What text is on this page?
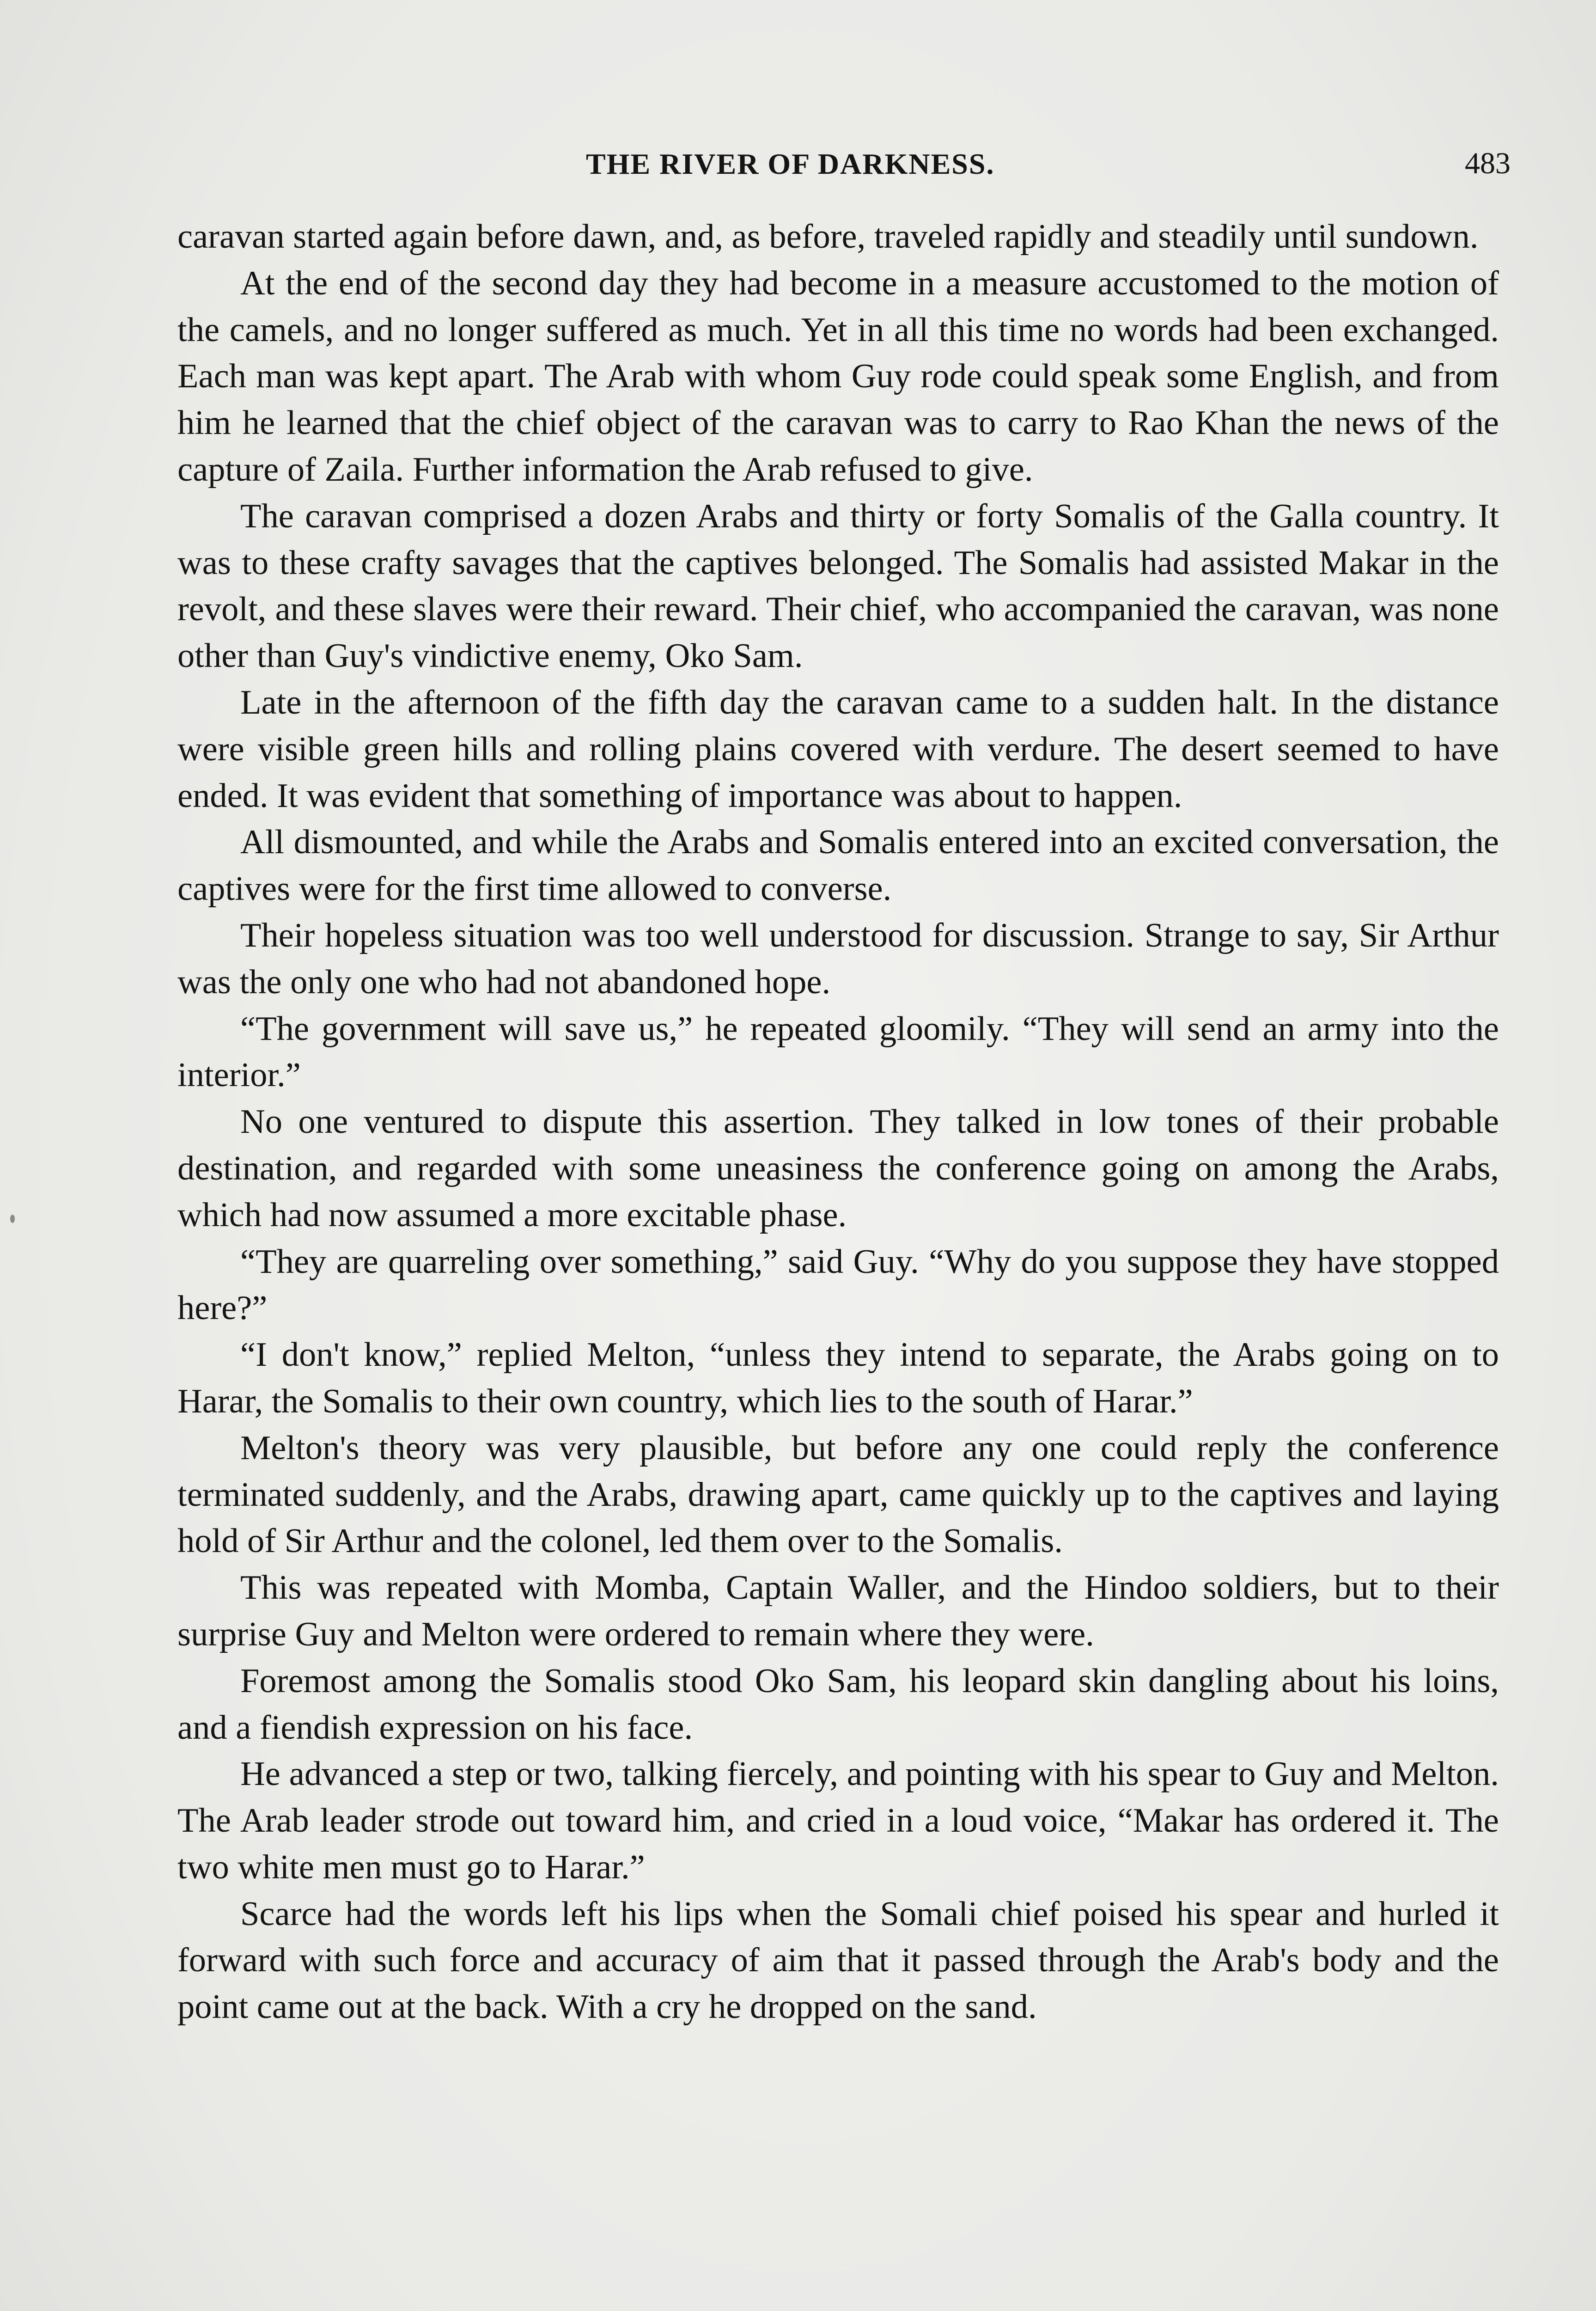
THE RIVER OF DARKNESS.	483

caravan started again before dawn, and, as before, traveled rapidly and steadily until sundown.

At the end of the second day they had become in a measure accustomed to the motion of the camels, and no longer suffered as much. Yet in all this time no words had been exchanged. Each man was kept apart. The Arab with whom Guy rode could speak some English, and from him he learned that the chief object of the caravan was to carry to Rao Khan the news of the capture of Zaila. Further information the Arab refused to give.

The caravan comprised a dozen Arabs and thirty or forty Somalis of the Galla country. It was to these crafty savages that the captives belonged. The Somalis had assisted Makar in the revolt, and these slaves were their reward. Their chief, who accompanied the caravan, was none other than Guy's vindictive enemy, Oko Sam.

Late in the afternoon of the fifth day the caravan came to a sudden halt. In the distance were visible green hills and rolling plains covered with verdure. The desert seemed to have ended. It was evident that something of importance was about to happen.

All dismounted, and while the Arabs and Somalis entered into an excited conversation, the captives were for the first time allowed to converse.

Their hopeless situation was too well understood for discussion. Strange to say, Sir Arthur was the only one who had not abandoned hope.

“The government will save us,” he repeated gloomily. “They will send an army into the interior.”

No one ventured to dispute this assertion. They talked in low tones of their probable destination, and regarded with some uneasiness the conference going on among the Arabs, which had now assumed a more excitable phase.

“They are quarreling over something,” said Guy. “Why do you suppose they have stopped here?”

“I don't know,” replied Melton, “unless they intend to separate, the Arabs going on to Harar, the Somalis to their own country, which lies to the south of Harar.”

Melton's theory was very plausible, but before any one could reply the conference terminated suddenly, and the Arabs, drawing apart, came quickly up to the captives and laying hold of Sir Arthur and the colonel, led them over to the Somalis.

This was repeated with Momba, Captain Waller, and the Hindoo soldiers, but to their surprise Guy and Melton were ordered to remain where they were.

Foremost among the Somalis stood Oko Sam, his leopard skin dangling about his loins, and a fiendish expression on his face.

He advanced a step or two, talking fiercely, and pointing with his spear to Guy and Melton. The Arab leader strode out toward him, and cried in a loud voice, “Makar has ordered it. The two white men must go to Harar.”

Scarce had the words left his lips when the Somali chief poised his spear and hurled it forward with such force and accuracy of aim that it passed through the Arab's body and the point came out at the back. With a cry he dropped on the sand.
